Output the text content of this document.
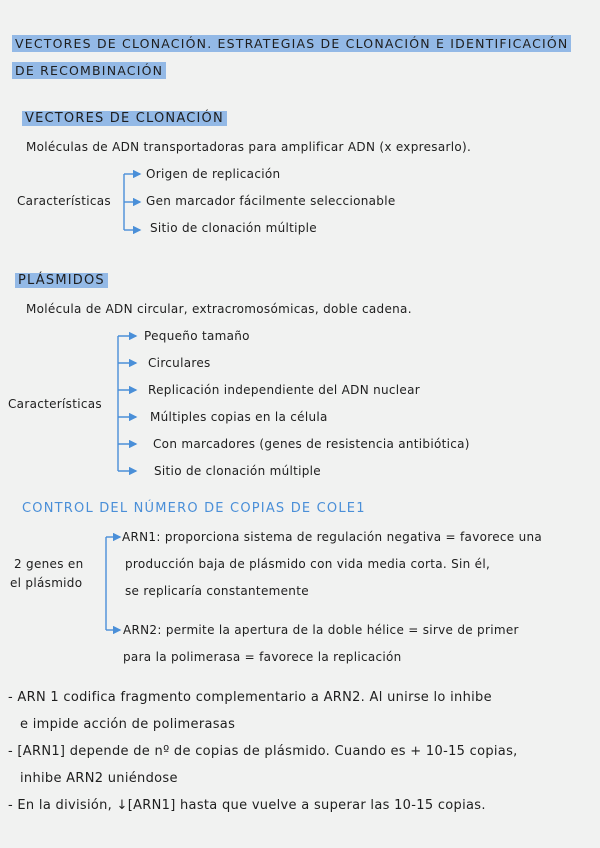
VECTORES DE CLONACIÓN. ESTRATEGIAS DE CLONACIÓN E IDENTIFICACIÓN
DE RECOMBINACIÓN
VECTORES DE CLONACIÓN
Moléculas de ADN transportadoras para amplificar ADN (x expresarlo).
Características
Origen de replicación
Gen marcador fácilmente seleccionable
Sitio de clonación múltiple
PLÁSMIDOS
Molécula de ADN circular, extracromosómicas, doble cadena.
Características
Pequeño tamaño
Circulares
Replicación independiente del ADN nuclear
Múltiples copias en la célula
Con marcadores (genes de resistencia antibiótica)
Sitio de clonación múltiple
CONTROL DEL NÚMERO DE COPIAS DE COLE1
2 genes en
el plásmido
ARN1: proporciona sistema de regulación negativa = favorece una
producción baja de plásmido con vida media corta. Sin él,
se replicaría constantemente
ARN2: permite la apertura de la doble hélice = sirve de primer
para la polimerasa = favorece la replicación
- ARN 1 codifica fragmento complementario a ARN2. Al unirse lo inhibe
e impide acción de polimerasas
- [ARN1] depende de nº de copias de plásmido. Cuando es + 10-15 copias,
inhibe ARN2 uniéndose
- En la división, ↓[ARN1] hasta que vuelve a superar las 10-15 copias.
